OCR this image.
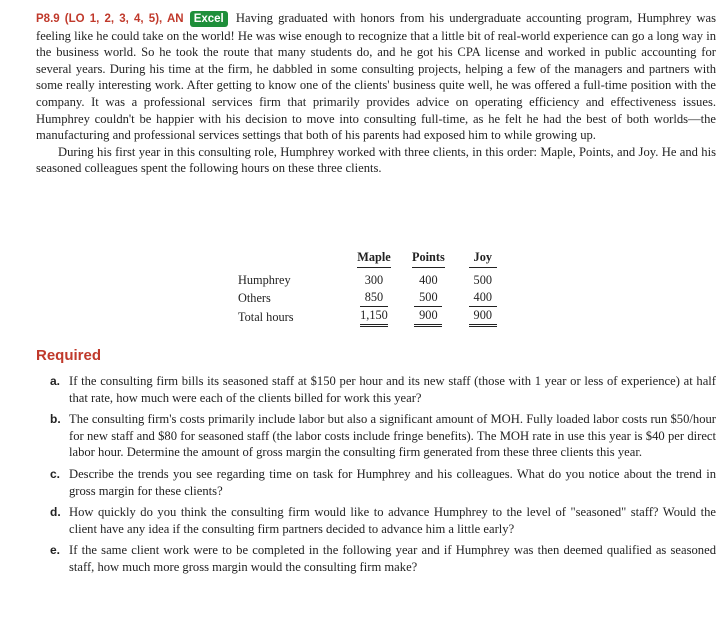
P8.9 (LO 1, 2, 3, 4, 5), AN Excel Having graduated with honors from his undergraduate accounting program, Humphrey was feeling like he could take on the world! He was wise enough to recognize that a little bit of real-world experience can go a long way in the business world. So he took the route that many students do, and he got his CPA license and worked in public accounting for several years. During his time at the firm, he dabbled in some consulting projects, helping a few of the managers and partners with some really interesting work. After getting to know one of the clients' business quite well, he was offered a full-time position with the company. It was a professional services firm that primarily provides advice on operating efficiency and effectiveness issues. Humphrey couldn't be happier with his decision to move into consulting full-time, as he felt he had the best of both worlds—the manufacturing and professional services settings that both of his parents had exposed him to while growing up.

During his first year in this consulting role, Humphrey worked with three clients, in this order: Maple, Points, and Joy. He and his seasoned colleagues spent the following hours on these three clients.

	Maple	Points	Joy
Humphrey	300	400	500
Others	850	500	400
Total hours	1,150	900	900
Required
a. If the consulting firm bills its seasoned staff at $150 per hour and its new staff (those with 1 year or less of experience) at half that rate, how much were each of the clients billed for work this year?
b. The consulting firm's costs primarily include labor but also a significant amount of MOH. Fully loaded labor costs run $50/hour for new staff and $80 for seasoned staff (the labor costs include fringe benefits). The MOH rate in use this year is $40 per direct labor hour. Determine the amount of gross margin the consulting firm generated from these three clients this year.
c. Describe the trends you see regarding time on task for Humphrey and his colleagues. What do you notice about the trend in gross margin for these clients?
d. How quickly do you think the consulting firm would like to advance Humphrey to the level of "seasoned" staff? Would the client have any idea if the consulting firm partners decided to advance him a little early?
e. If the same client work were to be completed in the following year and if Humphrey was then deemed qualified as seasoned staff, how much more gross margin would the consulting firm make?
